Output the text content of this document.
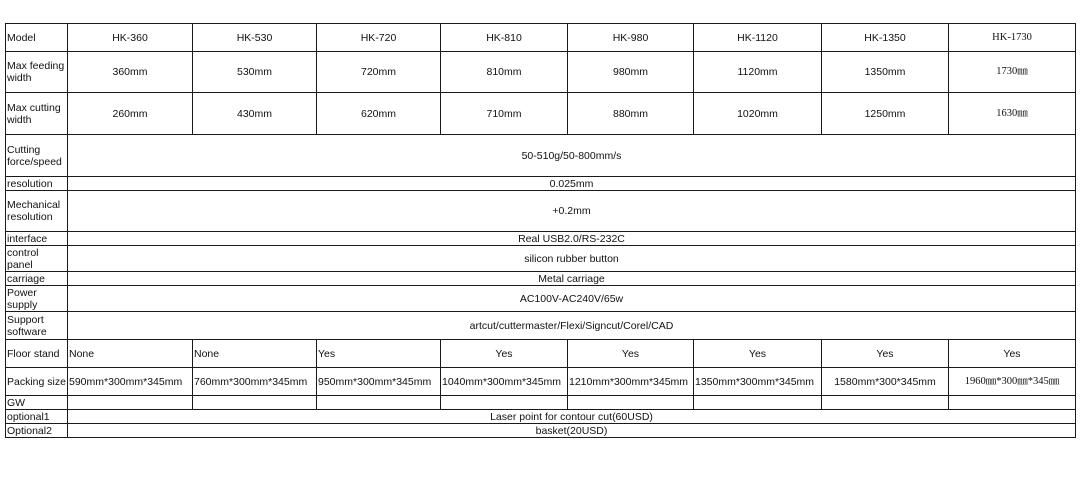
Model	HK-360	HK-530	HK-720	HK-810	HK-980	HK-1120	HK-1350	HK-1730
Max feeding width	360mm	530mm	720mm	810mm	980mm	1120mm	1350mm	1730㎜
Max cutting width	260mm	430mm	620mm	710mm	880mm	1020mm	1250mm	1630㎜
Cutting force/speed	50-510g/50-800mm/s							
resolution	0.025mm							
Mechanical resolution	+0.2mm							
interface	Real USB2.0/RS-232C							
control panel	silicon rubber button							
carriage	Metal carriage							
Power supply	AC100V-AC240V/65w							
Support software	artcut/cuttermaster/Flexi/Signcut/Corel/CAD							
Floor stand	None	None	Yes	Yes	Yes	Yes	Yes	Yes
Packing size	590mm*300mm*345mm	760mm*300mm*345mm	950mm*300mm*345mm	1040mm*300mm*345mm	1210mm*300mm*345mm	1350mm*300mm*345mm	1580mm*300*345mm	1960㎜*300㎜*345㎜
GW								
optional1	Laser point for contour cut(60USD)							
Optional2	basket(20USD)							
